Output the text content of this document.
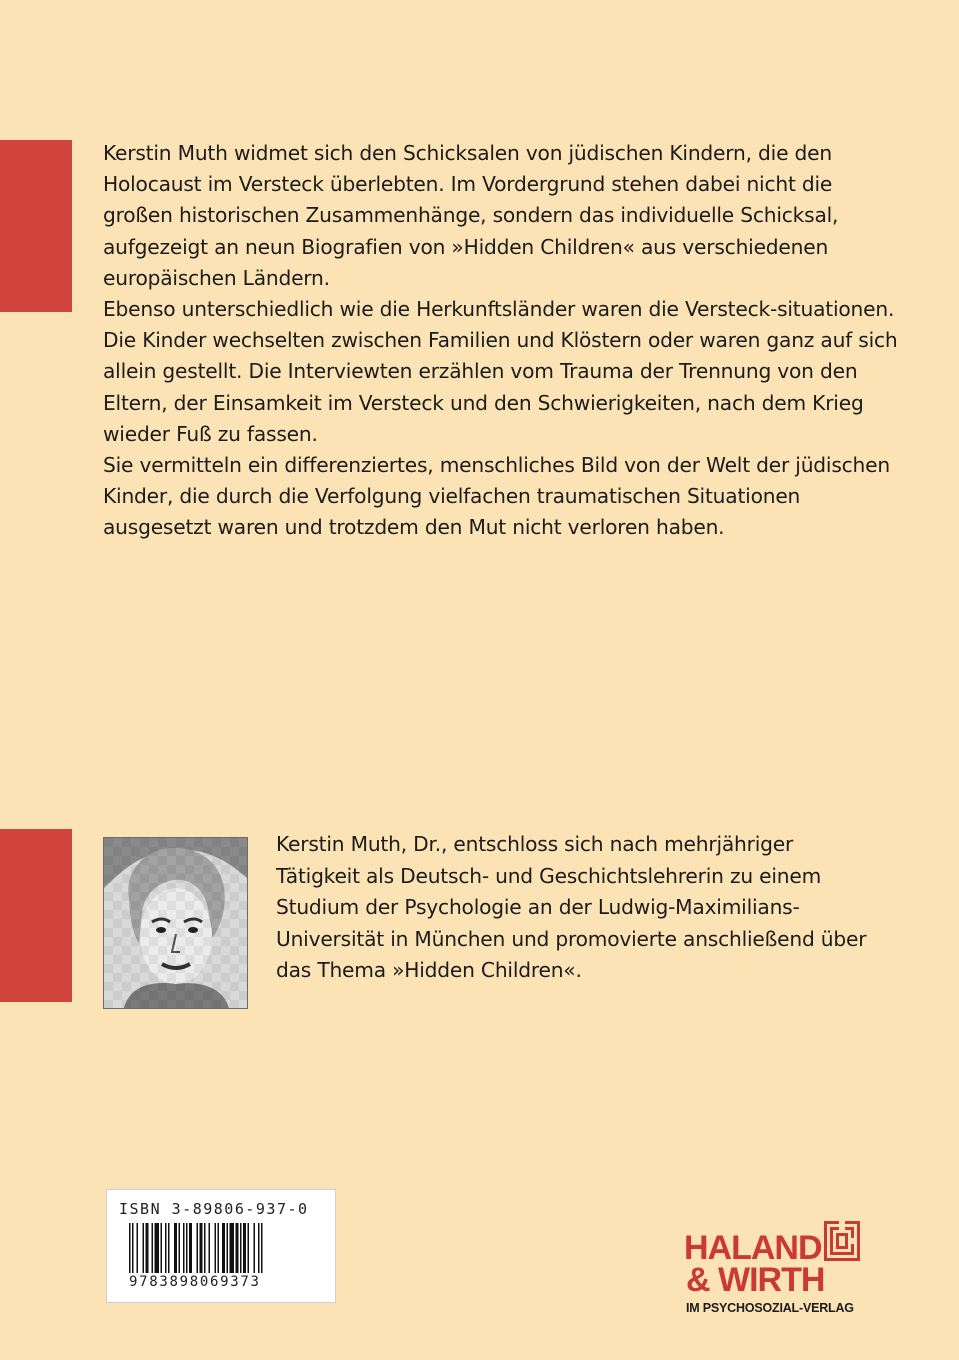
Kerstin Muth widmet sich den Schicksalen von jüdischen Kindern, die den Holocaust im Versteck überlebten. Im Vordergrund stehen dabei nicht die großen historischen Zusammenhänge, sondern das individuelle Schicksal, aufgezeigt an neun Biografien von »Hidden Children« aus verschiedenen europäischen Ländern.

Ebenso unterschiedlich wie die Herkunftsländer waren die Versteck-situationen. Die Kinder wechselten zwischen Familien und Klöstern oder waren ganz auf sich allein gestellt. Die Interviewten erzählen vom Trauma der Trennung von den Eltern, der Einsamkeit im Versteck und den Schwierigkeiten, nach dem Krieg wieder Fuß zu fassen.

Sie vermitteln ein differenziertes, menschliches Bild von der Welt der jüdischen Kinder, die durch die Verfolgung vielfachen traumatischen Situationen ausgesetzt waren und trotzdem den Mut nicht verloren haben.

Kerstin Muth, Dr., entschloss sich nach mehrjähriger Tätigkeit als Deutsch- und Geschichtslehrerin zu einem Studium der Psychologie an der Ludwig-Maximilians-Universität in München und promovierte anschließend über das Thema »Hidden Children«.
ISBN 3-89806-937-0
9783898069373
HALAND
& WIRTH
IM PSYCHOSOZIAL-VERLAG
